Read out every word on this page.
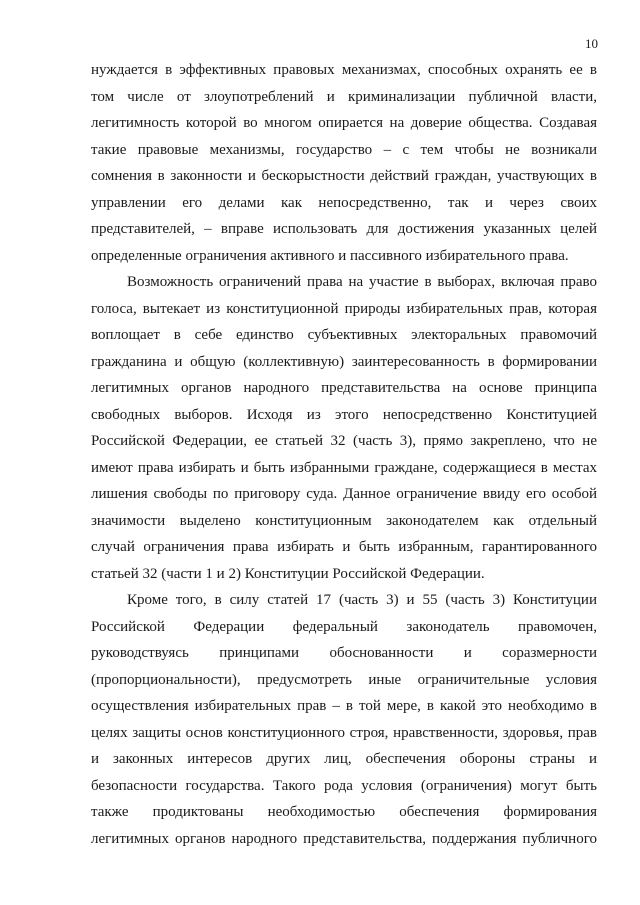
10
нуждается в эффективных правовых механизмах, способных охранять ее в
том числе от злоупотреблений и криминализации публичной власти,
легитимность которой во многом опирается на доверие общества. Создавая
такие правовые механизмы, государство – с тем чтобы не возникали
сомнения в законности и бескорыстности действий граждан, участвующих в
управлении его делами как непосредственно, так и через своих
представителей, – вправе использовать для достижения указанных целей
определенные ограничения активного и пассивного избирательного права.
Возможность ограничений права на участие в выборах, включая право
голоса, вытекает из конституционной природы избирательных прав, которая
воплощает в себе единство субъективных электоральных правомочий
гражданина и общую (коллективную) заинтересованность в формировании
легитимных органов народного представительства на основе принципа
свободных выборов. Исходя из этого непосредственно Конституцией
Российской Федерации, ее статьей 32 (часть 3), прямо закреплено, что не
имеют права избирать и быть избранными граждане, содержащиеся в местах
лишения свободы по приговору суда. Данное ограничение ввиду его особой
значимости выделено конституционным законодателем как отдельный
случай ограничения права избирать и быть избранным, гарантированного
статьей 32 (части 1 и 2) Конституции Российской Федерации.
Кроме того, в силу статей 17 (часть 3) и 55 (часть 3) Конституции
Российской Федерации федеральный законодатель правомочен,
руководствуясь принципами обоснованности и соразмерности
(пропорциональности), предусмотреть иные ограничительные условия
осуществления избирательных прав – в той мере, в какой это необходимо в
целях защиты основ конституционного строя, нравственности, здоровья, прав
и законных интересов других лиц, обеспечения обороны страны и
безопасности государства. Такого рода условия (ограничения) могут быть
также продиктованы необходимостью обеспечения формирования
легитимных органов народного представительства, поддержания публичного
